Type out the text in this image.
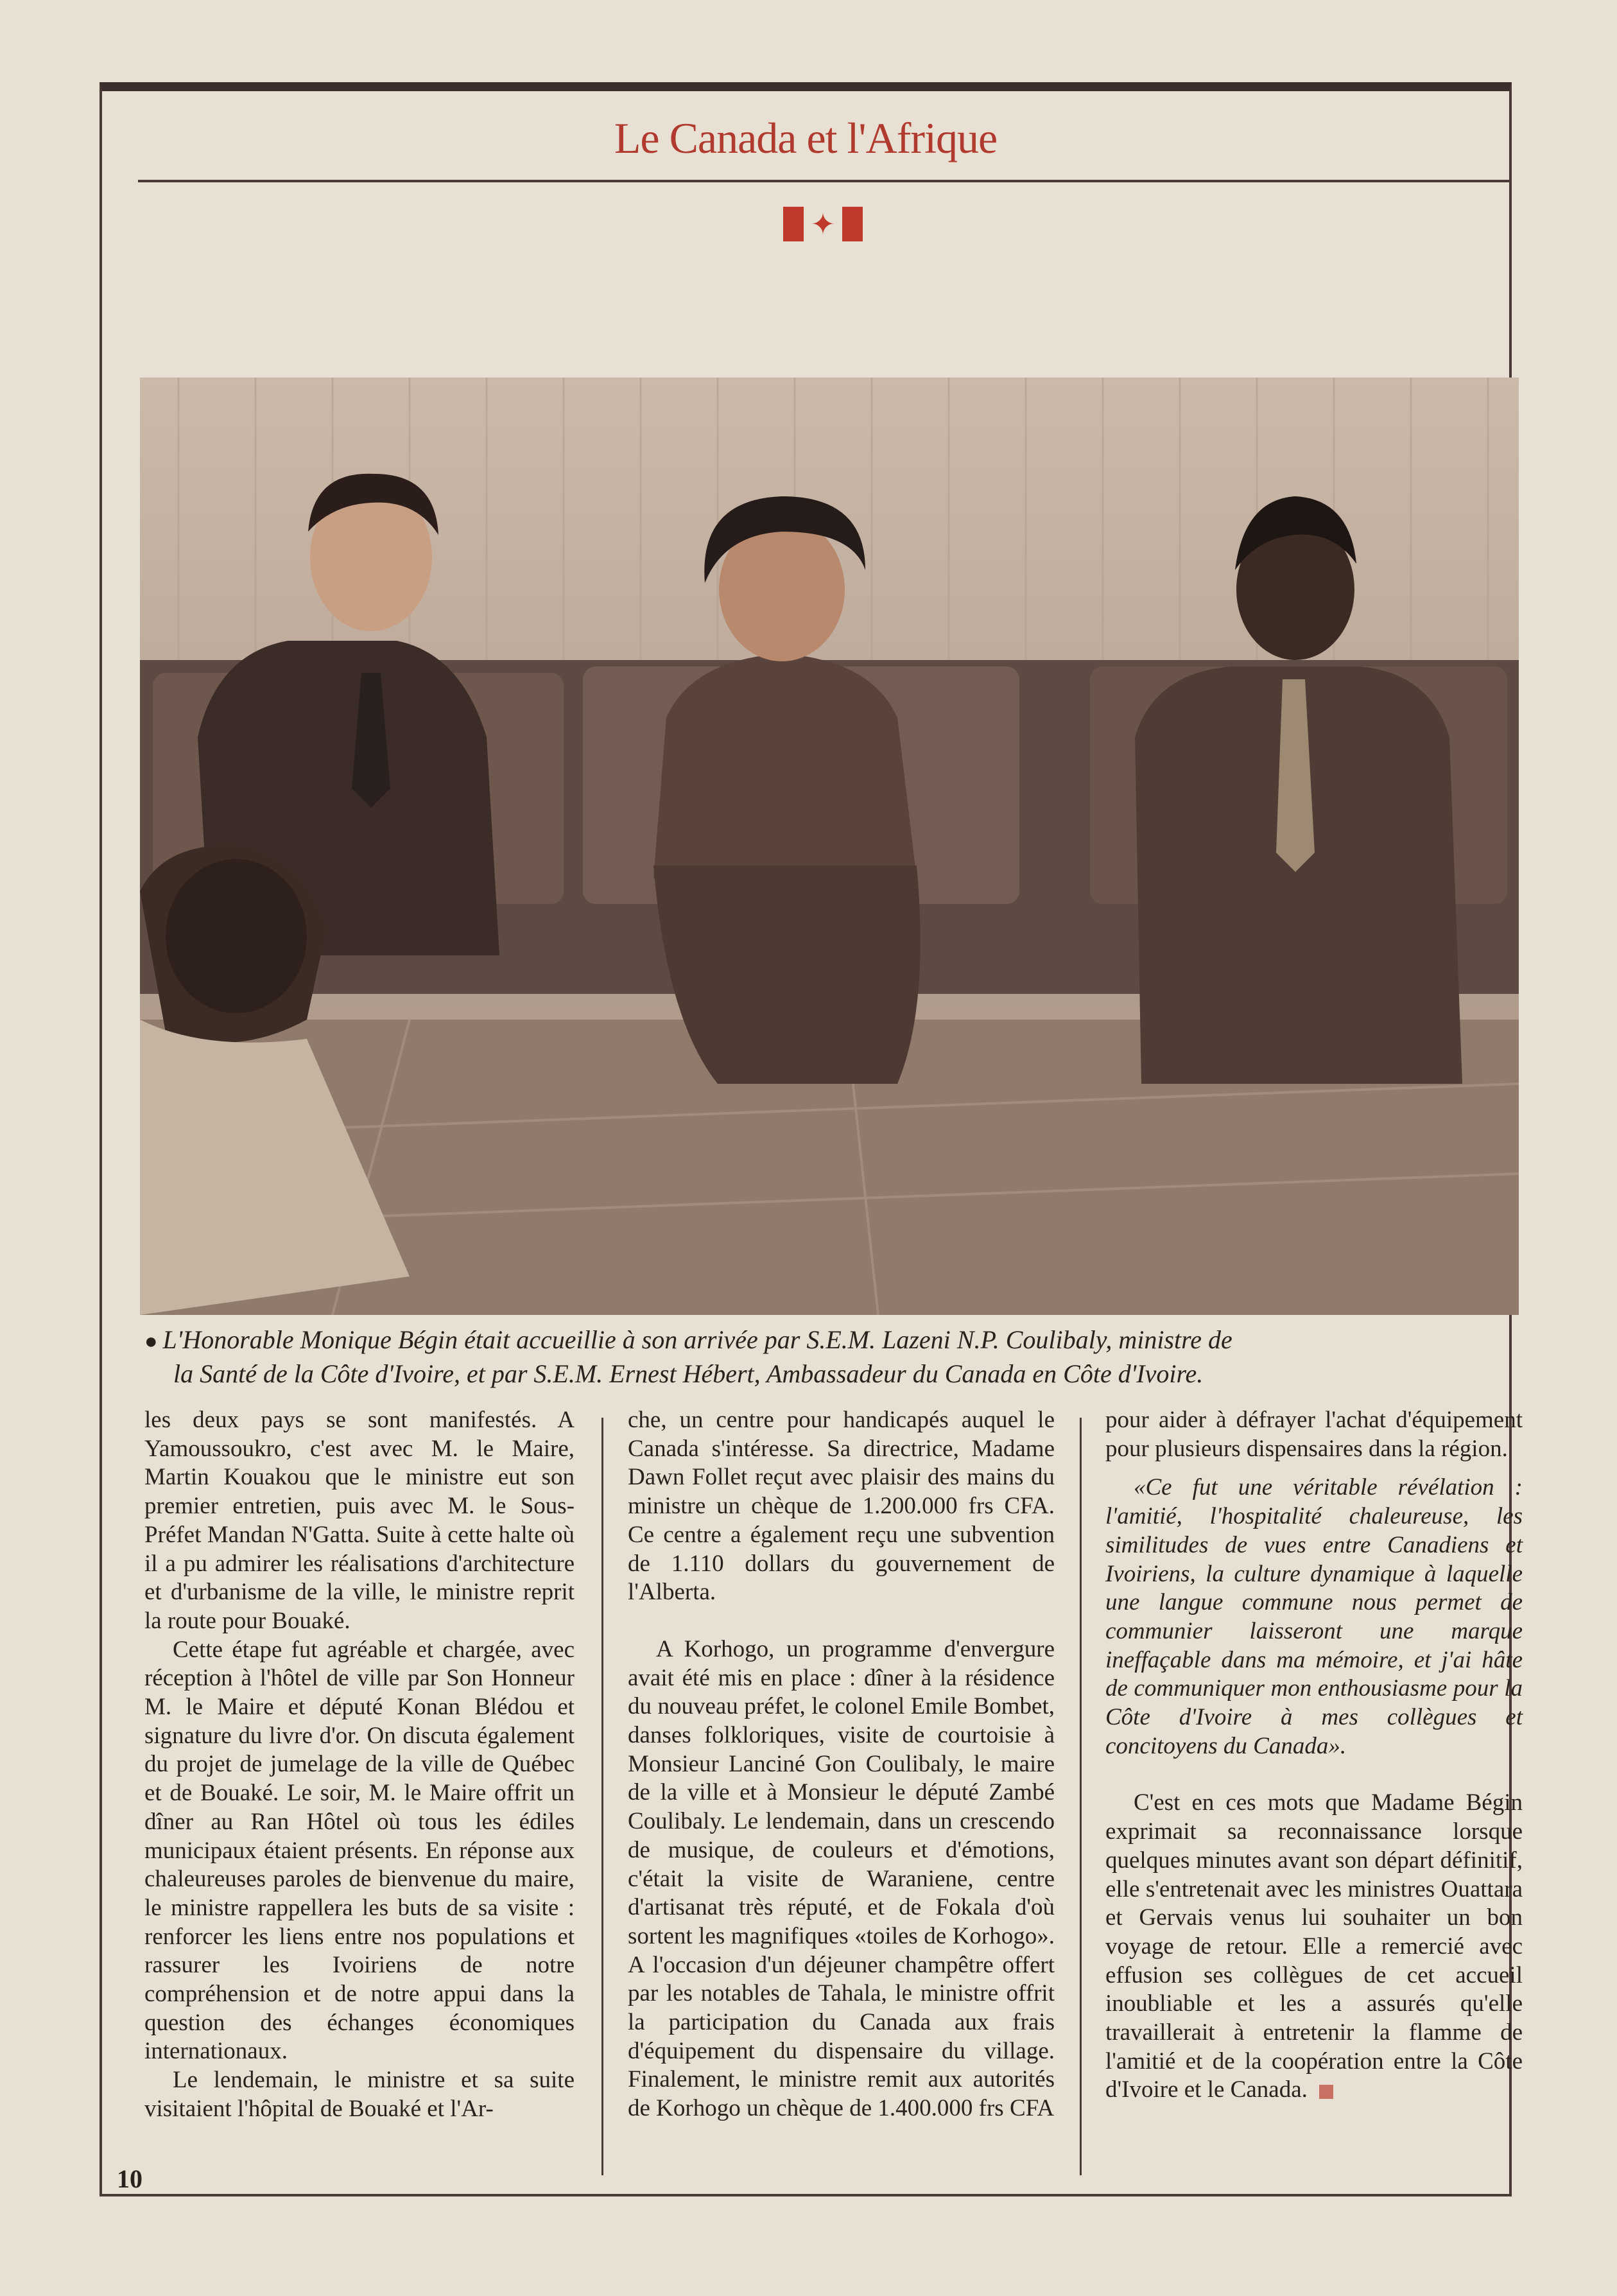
Le Canada et l'Afrique
✦
● L'Honorable Monique Bégin était accueillie à son arrivée par S.E.M. Lazeni N.P. Coulibaly, ministre de
la Santé de la Côte d'Ivoire, et par S.E.M. Ernest Hébert, Ambassadeur du Canada en Côte d'Ivoire.

les deux pays se sont manifestés. A Yamoussoukro, c'est avec M. le Maire, Martin Kouakou que le ministre eut son premier entretien, puis avec M. le Sous-Préfet Mandan N'Gatta. Suite à cette halte où il a pu admirer les réalisations d'architecture et d'urbanisme de la ville, le ministre reprit la route pour Bouaké.

Cette étape fut agréable et chargée, avec réception à l'hôtel de ville par Son Honneur M. le Maire et député Konan Blédou et signature du livre d'or. On discuta également du projet de jumelage de la ville de Québec et de Bouaké. Le soir, M. le Maire offrit un dîner au Ran Hôtel où tous les édiles municipaux étaient présents. En réponse aux chaleureuses paroles de bienvenue du maire, le ministre rappellera les buts de sa visite : renforcer les liens entre nos populations et rassurer les Ivoiriens de notre compréhension et de notre appui dans la question des échanges économiques internationaux.

Le lendemain, le ministre et sa suite visitaient l'hôpital de Bouaké et l'Ar-

che, un centre pour handicapés auquel le Canada s'intéresse. Sa directrice, Madame Dawn Follet reçut avec plaisir des mains du ministre un chèque de 1.200.000 frs CFA. Ce centre a également reçu une subvention de 1.110 dollars du gouvernement de l'Alberta.

A Korhogo, un programme d'envergure avait été mis en place : dîner à la résidence du nouveau préfet, le colonel Emile Bombet, danses folkloriques, visite de courtoisie à Monsieur Lanciné Gon Coulibaly, le maire de la ville et à Monsieur le député Zambé Coulibaly. Le lendemain, dans un crescendo de musique, de couleurs et d'émotions, c'était la visite de Waraniene, centre d'artisanat très réputé, et de Fokala d'où sortent les magnifiques «toiles de Korhogo». A l'occasion d'un déjeuner champêtre offert par les notables de Tahala, le ministre offrit la participation du Canada aux frais d'équipement du dispensaire du village. Finalement, le ministre remit aux autorités de Korhogo un chèque de 1.400.000 frs CFA

pour aider à défrayer l'achat d'équipement pour plusieurs dispensaires dans la région.

«Ce fut une véritable révélation : l'amitié, l'hospitalité chaleureuse, les similitudes de vues entre Canadiens et Ivoiriens, la culture dynamique à laquelle une langue commune nous permet de communier laisseront une marque ineffaçable dans ma mémoire, et j'ai hâte de communiquer mon enthousiasme pour la Côte d'Ivoire à mes collègues et concitoyens du Canada».

C'est en ces mots que Madame Bégin exprimait sa reconnaissance lorsque quelques minutes avant son départ définitif, elle s'entretenait avec les ministres Ouattara et Gervais venus lui souhaiter un bon voyage de retour. Elle a remercié avec effusion ses collègues de cet accueil inoubliable et les a assurés qu'elle travaillerait à entretenir la flamme de l'amitié et de la coopération entre la Côte d'Ivoire et le Canada.

10
